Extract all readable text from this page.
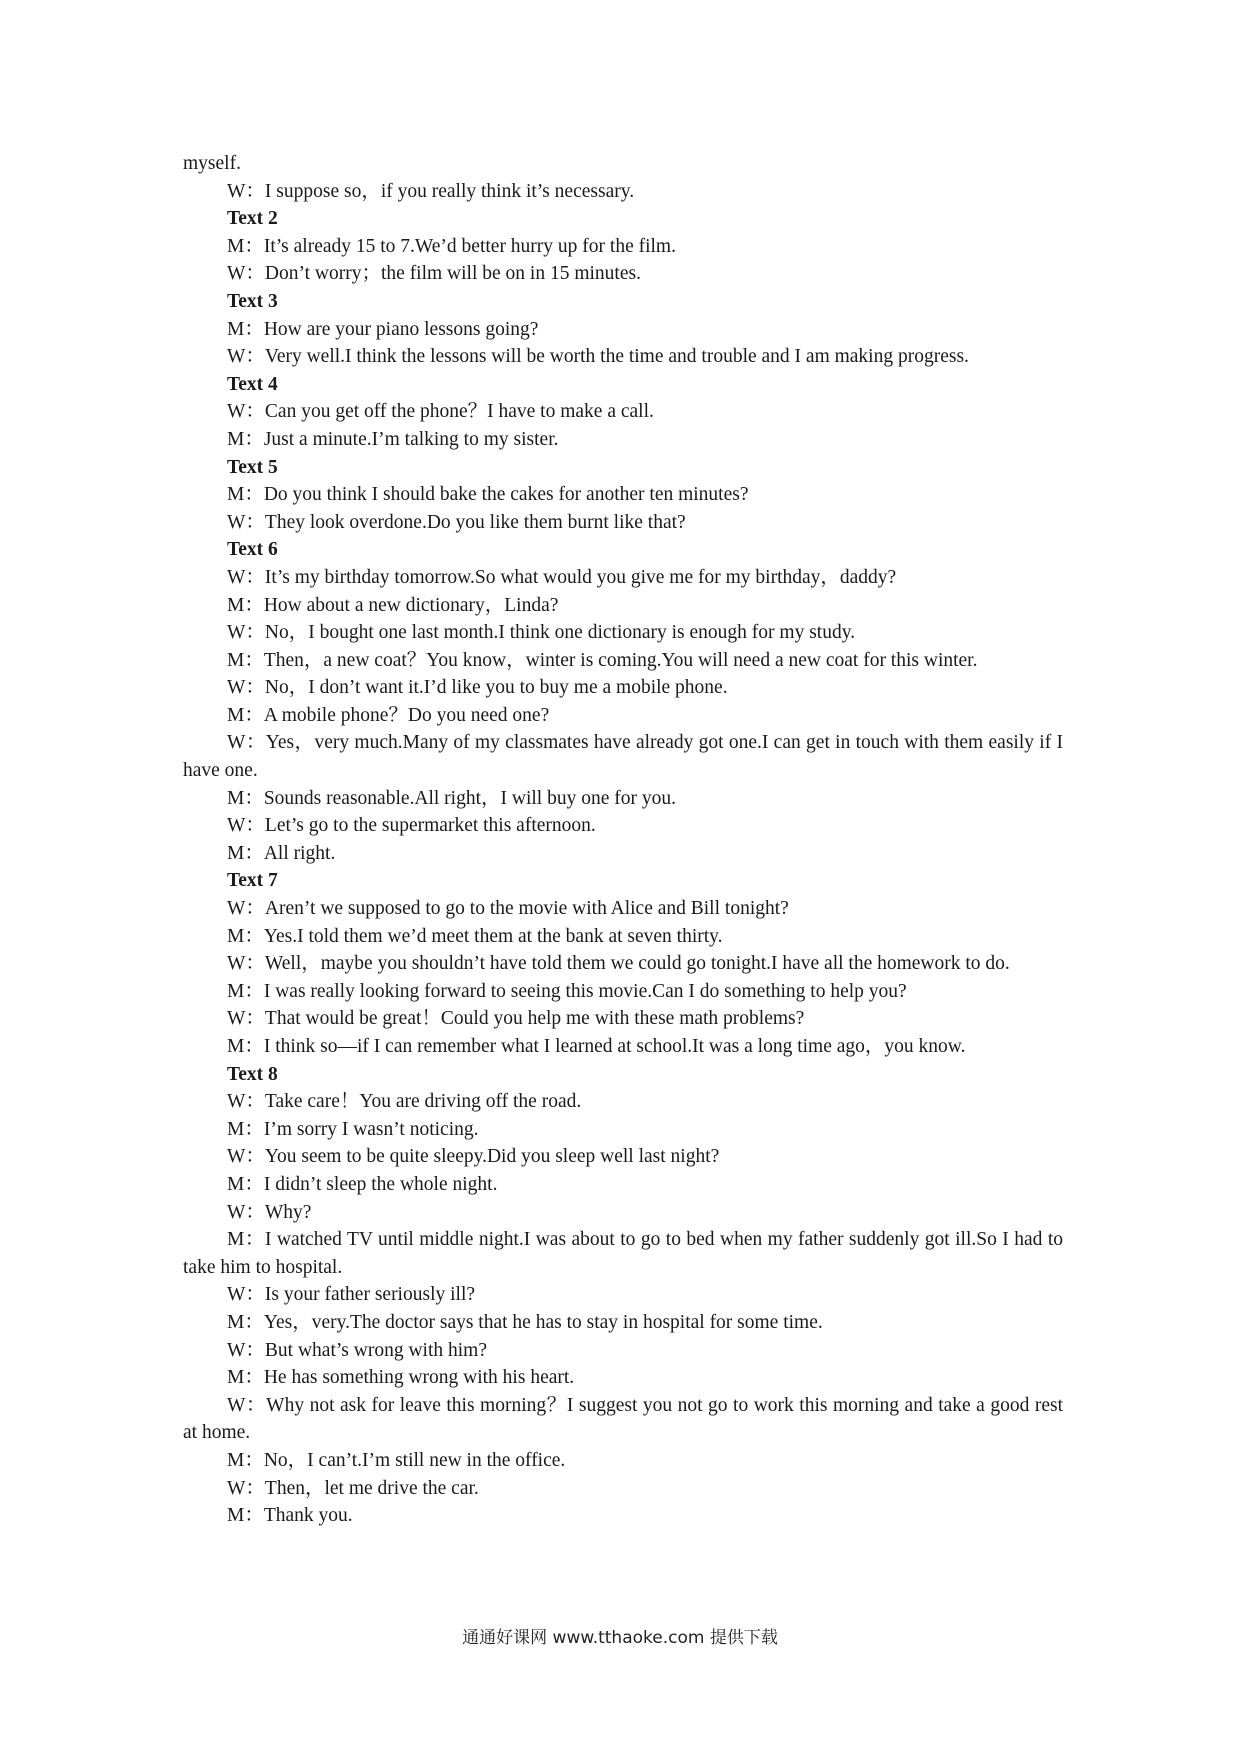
myself.
W：I suppose so，if you really think it’s necessary.
Text 2
M：It’s already 15 to 7.We’d better hurry up for the film.
W：Don’t worry；the film will be on in 15 minutes.
Text 3
M：How are your piano lessons going?
W：Very well.I think the lessons will be worth the time and trouble and I am making progress.
Text 4
W：Can you get off the phone？I have to make a call.
M：Just a minute.I’m talking to my sister.
Text 5
M：Do you think I should bake the cakes for another ten minutes?
W：They look overdone.Do you like them burnt like that?
Text 6
W：It’s my birthday tomorrow.So what would you give me for my birthday，daddy?
M：How about a new dictionary，Linda?
W：No，I bought one last month.I think one dictionary is enough for my study.
M：Then，a new coat？You know，winter is coming.You will need a new coat for this winter.
W：No，I don’t want it.I’d like you to buy me a mobile phone.
M：A mobile phone？Do you need one?
W：Yes，very much.Many of my classmates have already got one.I can get in touch with them easily if I have one.
M：Sounds reasonable.All right，I will buy one for you.
W：Let’s go to the supermarket this afternoon.
M：All right.
Text 7
W：Aren’t we supposed to go to the movie with Alice and Bill tonight?
M：Yes.I told them we’d meet them at the bank at seven thirty.
W：Well，maybe you shouldn’t have told them we could go tonight.I have all the homework to do.
M：I was really looking forward to seeing this movie.Can I do something to help you?
W：That would be great！Could you help me with these math problems?
M：I think so—if I can remember what I learned at school.It was a long time ago，you know.
Text 8
W：Take care！You are driving off the road.
M：I’m sorry I wasn’t noticing.
W：You seem to be quite sleepy.Did you sleep well last night?
M：I didn’t sleep the whole night.
W：Why?
M：I watched TV until middle night.I was about to go to bed when my father suddenly got ill.So I had to take him to hospital.
W：Is your father seriously ill?
M：Yes，very.The doctor says that he has to stay in hospital for some time.
W：But what’s wrong with him?
M：He has something wrong with his heart.
W：Why not ask for leave this morning？I suggest you not go to work this morning and take a good rest at home.
M：No，I can’t.I’m still new in the office.
W：Then，let me drive the car.
M：Thank you.
通通好课网 www.tthaoke.com 提供下载
